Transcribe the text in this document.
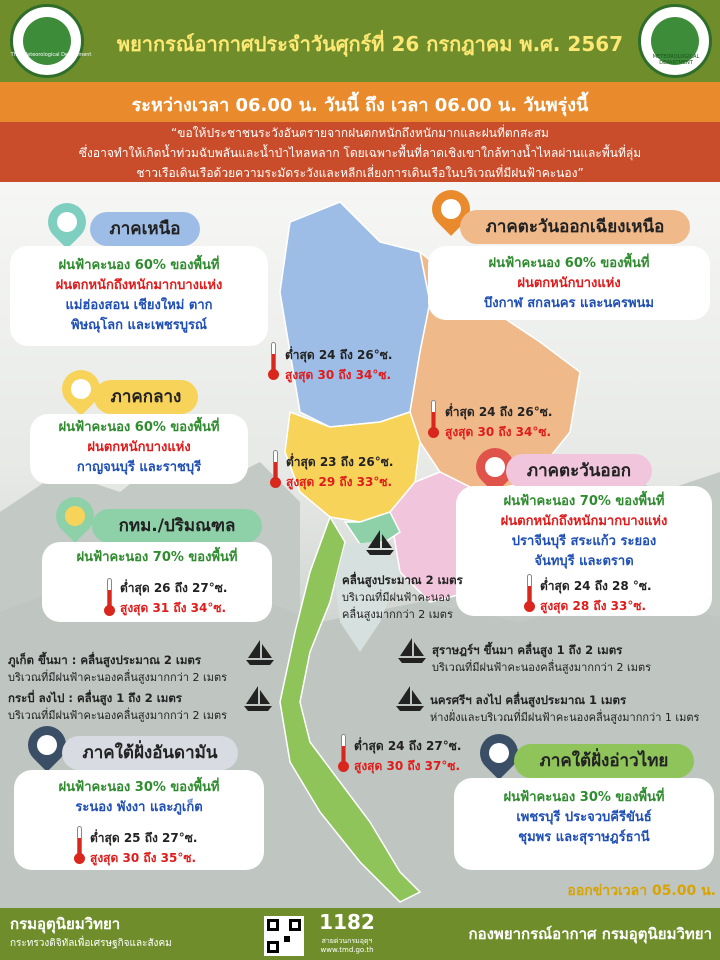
Thai Meteorological Department	พยากรณ์อากาศประจำวันศุกร์ที่ 26 กรกฎาคม พ.ศ. 2567
METEOROLOGICAL DEPARTMENT
ระหว่างเวลา 06.00 น. วันนี้ ถึง เวลา 06.00 น. วันพรุ่งนี้
“ขอให้ประชาชนระวังอันตรายจากฝนตกหนักถึงหนักมากและฝนที่ตกสะสม
ซึ่งอาจทำให้เกิดน้ำท่วมฉับพลันและน้ำป่าไหลหลาก โดยเฉพาะพื้นที่ลาดเชิงเขาใกล้ทางน้ำไหลผ่านและพื้นที่ลุ่ม
ชาวเรือเดินเรือด้วยความระมัดระวังและหลีกเลี่ยงการเดินเรือในบริเวณที่มีฝนฟ้าคะนอง”
ภาคเหนือ
ฝนฟ้าคะนอง 60% ของพื้นที่
ฝนตกหนักถึงหนักมากบางแห่ง
แม่ฮ่องสอน เชียงใหม่ ตาก
พิษณุโลก และเพชรบูรณ์
ต่ำสุด 24 ถึง 26°ซ.
สูงสุด 30 ถึง 34°ซ.
ภาคตะวันออกเฉียงเหนือ
ฝนฟ้าคะนอง 60% ของพื้นที่
ฝนตกหนักบางแห่ง
บึงกาฬ สกลนคร และนครพนม
ต่ำสุด 24 ถึง 26°ซ.
สูงสุด 30 ถึง 34°ซ.
ภาคกลาง
ฝนฟ้าคะนอง 60% ของพื้นที่
ฝนตกหนักบางแห่ง
กาญจนบุรี และราชบุรี	ต่ำสุด 23 ถึง 26°ซ.
สูงสุด 29 ถึง 33°ซ.
ภาคตะวันออก
ฝนฟ้าคะนอง 70% ของพื้นที่
ฝนตกหนักถึงหนักมากบางแห่ง
ปราจีนบุรี สระแก้ว ระยอง
จันทบุรี และตราด
ต่ำสุด 24 ถึง 28 °ซ.
สูงสุด 28 ถึง 33°ซ.
กทม./ปริมณฑล
ฝนฟ้าคะนอง 70% ของพื้นที่
ต่ำสุด 26 ถึง 27°ซ.
สูงสุด 31 ถึง 34°ซ.
คลื่นสูงประมาณ 2 เมตร
บริเวณที่มีฝนฟ้าคะนอง
คลื่นสูงมากกว่า 2 เมตร
ภูเก็ต ขึ้นมา : คลื่นสูงประมาณ 2 เมตร
บริเวณที่มีฝนฟ้าคะนองคลื่นสูงมากกว่า 2 เมตร
กระบี่ ลงไป : คลื่นสูง 1 ถึง 2 เมตร
บริเวณที่มีฝนฟ้าคะนองคลื่นสูงมากกว่า 2 เมตร
สุราษฎร์ฯ ขึ้นมา คลื่นสูง 1 ถึง 2 เมตร
บริเวณที่มีฝนฟ้าคะนองคลื่นสูงมากกว่า 2 เมตร
นครศรีฯ ลงไป คลื่นสูงประมาณ 1 เมตร
ห่างฝั่งและบริเวณที่มีฝนฟ้าคะนองคลื่นสูงมากกว่า 1 เมตร
ภาคใต้ฝั่งอันดามัน
ฝนฟ้าคะนอง 30% ของพื้นที่
ระนอง พังงา และภูเก็ต
ต่ำสุด 25 ถึง 27°ซ.
สูงสุด 30 ถึง 35°ซ.
ต่ำสุด 24 ถึง 27°ซ.
สูงสุด 30 ถึง 37°ซ.	ภาคใต้ฝั่งอ่าวไทย
ฝนฟ้าคะนอง 30% ของพื้นที่
เพชรบุรี ประจวบคีรีขันธ์
ชุมพร และสุราษฎร์ธานี
ออกข่าวเวลา 05.00 น.
กรมอุตุนิยมวิทยา
กระทรวงดิจิทัลเพื่อเศรษฐกิจและสังคม
1182
สายด่วนกรมอุตุฯ
www.tmd.go.th
กองพยากรณ์อากาศ กรมอุตุนิยมวิทยา
